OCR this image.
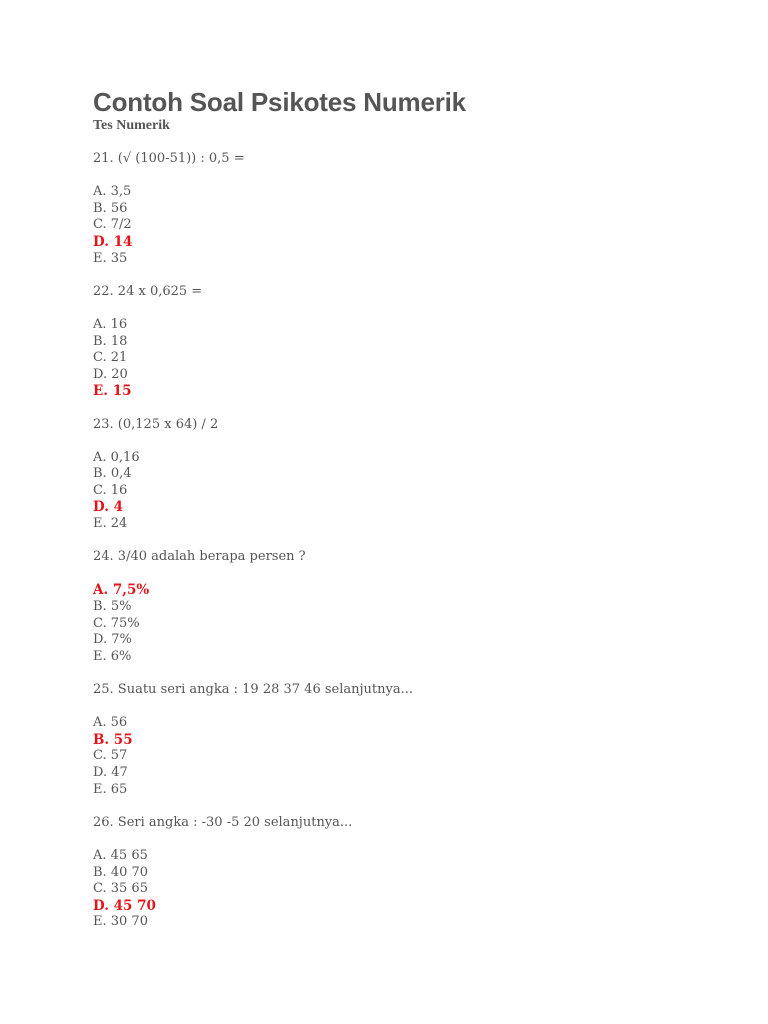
Contoh Soal Psikotes Numerik
Tes Numerik
21. (√ (100-51)) : 0,5 =
A. 3,5
B. 56
C. 7/2
D. 14
E. 35
22. 24 x 0,625 =
A. 16
B. 18
C. 21
D. 20
E. 15
23. (0,125 x 64) / 2
A. 0,16
B. 0,4
C. 16
D. 4
E. 24
24. 3/40 adalah berapa persen ?
A. 7,5%
B. 5%
C. 75%
D. 7%
E. 6%
25. Suatu seri angka : 19 28 37 46 selanjutnya...
A. 56
B. 55
C. 57
D. 47
E. 65
26. Seri angka : -30 -5 20 selanjutnya...
A. 45 65
B. 40 70
C. 35 65
D. 45 70
E. 30 70
